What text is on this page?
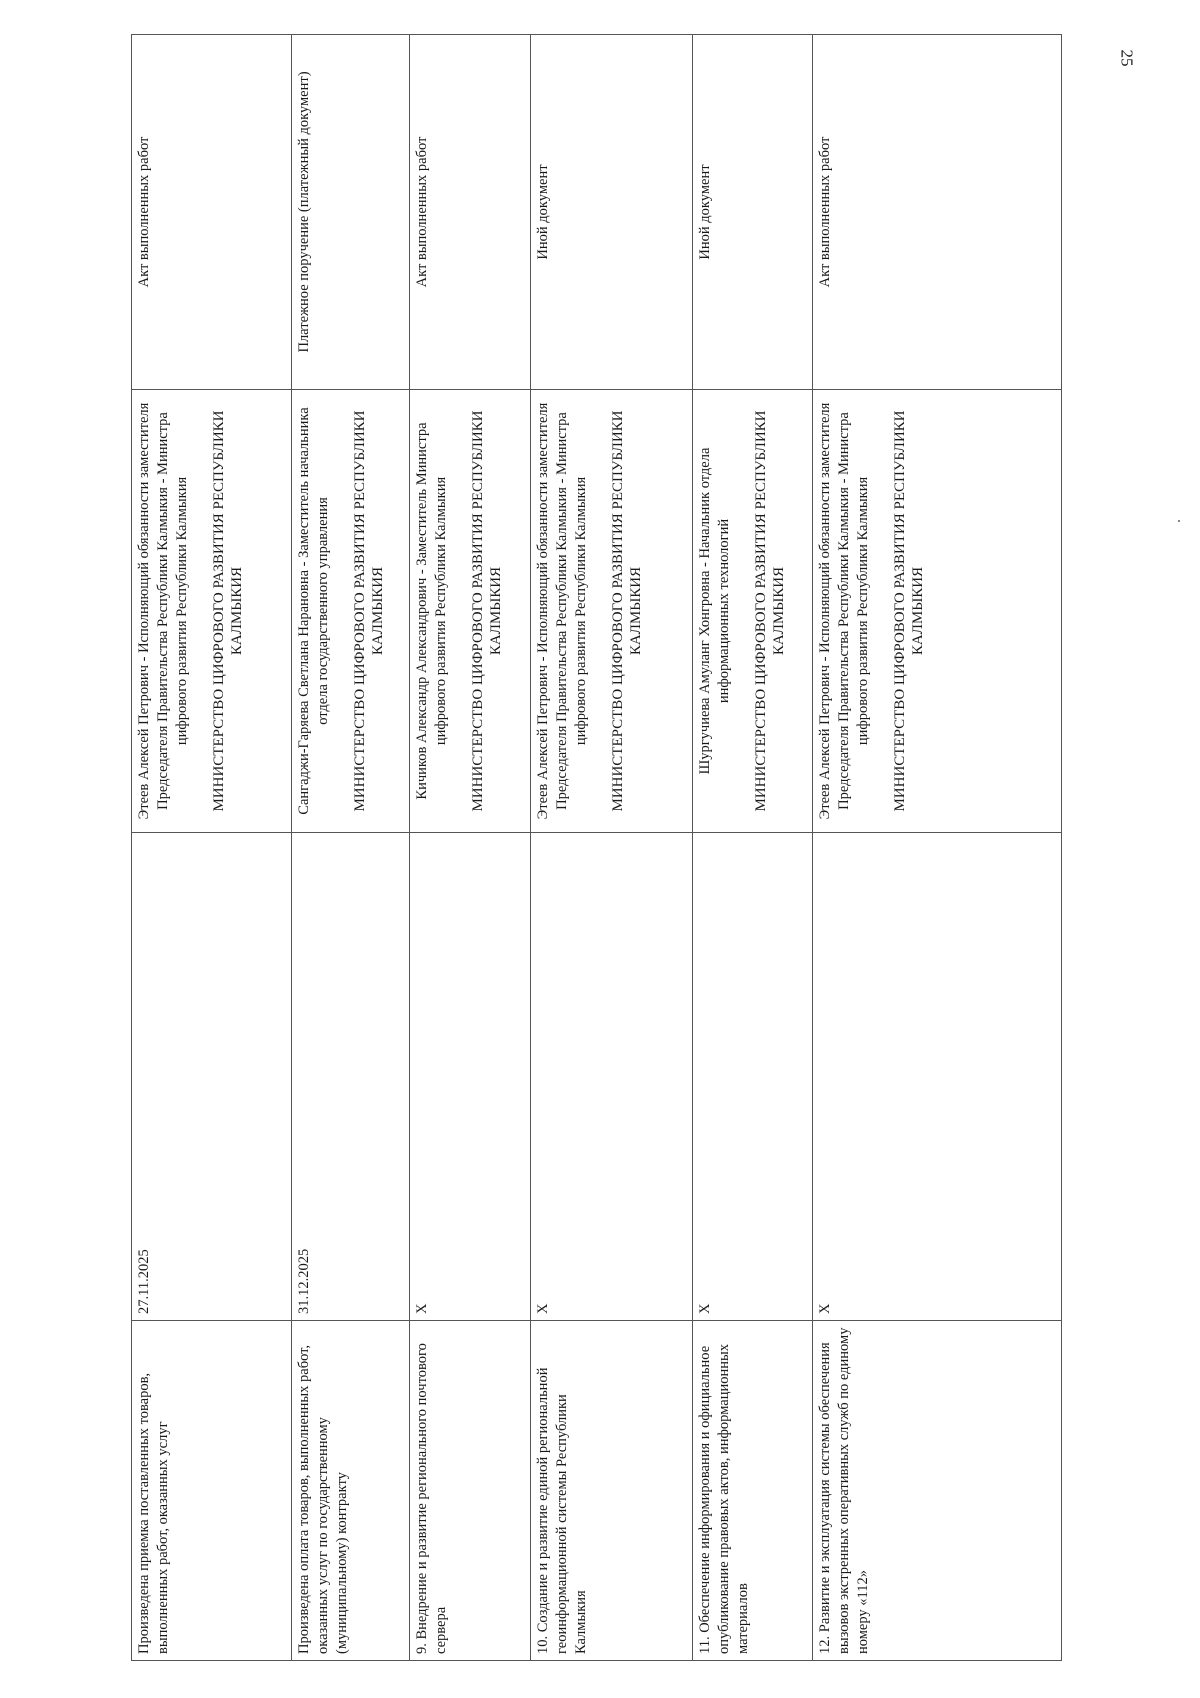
25
Произведена приемка поставленных товаров, выполненных работ, оказанных услуг	27.11.2025	Этеев Алексей Петрович - Исполняющий обязанности заместителя Председателя Правительства Республики Калмыкия - Министра цифрового развития Республики Калмыкия МИНИСТЕРСТВО ЦИФРОВОГО РАЗВИТИЯ РЕСПУБЛИКИ КАЛМЫКИЯ	Акт выполненных работ
Произведена оплата товаров, выполненных работ, оказанных услуг по государственному (муниципальному) контракту	31.12.2025	Сангаджи-Гаряева Светлана Нарановна - Заместитель начальника отдела государственного управления МИНИСТЕРСТВО ЦИФРОВОГО РАЗВИТИЯ РЕСПУБЛИКИ КАЛМЫКИЯ	Платежное поручение (платежный документ)
9. Внедрение и развитие регионального почтового сервера	X	Кичиков Александр Александрович - Заместитель Министра цифрового развития Республики Калмыкия МИНИСТЕРСТВО ЦИФРОВОГО РАЗВИТИЯ РЕСПУБЛИКИ КАЛМЫКИЯ	Акт выполненных работ
10. Создание и развитие единой региональной геоинформационной системы Республики Калмыкия	X	Этеев Алексей Петрович - Исполняющий обязанности заместителя Председателя Правительства Республики Калмыкия - Министра цифрового развития Республики Калмыкия МИНИСТЕРСТВО ЦИФРОВОГО РАЗВИТИЯ РЕСПУБЛИКИ КАЛМЫКИЯ	Иной документ
11. Обеспечение информирования и официальное опубликование правовых актов, информационных материалов	X	Шургучиева Амуланг Хонгровна - Начальник отдела информационных технологий МИНИСТЕРСТВО ЦИФРОВОГО РАЗВИТИЯ РЕСПУБЛИКИ КАЛМЫКИЯ	Иной документ
12. Развитие и эксплуатация системы обеспечения вызовов экстренных оперативных служб по единому номеру «112»	X	Этеев Алексей Петрович - Исполняющий обязанности заместителя Председателя Правительства Республики Калмыкия - Министра цифрового развития Республики Калмыкия МИНИСТЕРСТВО ЦИФРОВОГО РАЗВИТИЯ РЕСПУБЛИКИ КАЛМЫКИЯ	Акт выполненных работ
